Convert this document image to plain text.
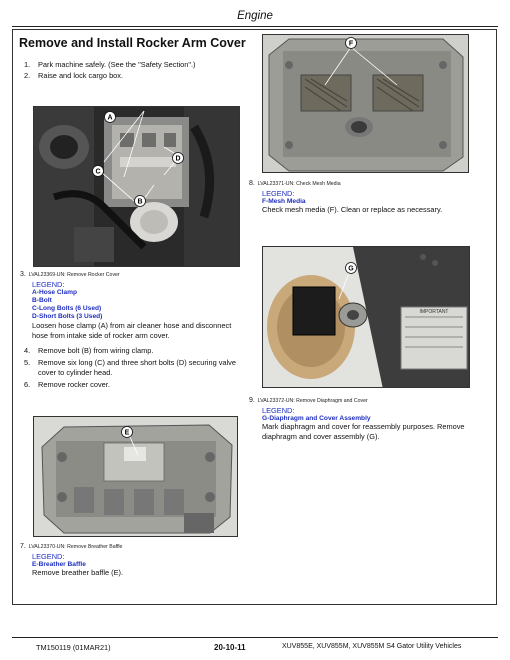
Engine
Remove and Install Rocker Arm Cover
1. Park machine safely. (See the "Safety Section".)
2. Raise and lock cargo box.
A
C
B
D
3. LVAL23369-UN: Remove Rocker Cover
LEGEND:
A-Hose Clamp
B-Bolt
C-Long Bolts (6 Used)
D-Short Bolts (3 Used)
Loosen hose clamp (A) from air cleaner hose and disconnect
hose from intake side of rocker arm cover.
4. Remove bolt (B) from wiring clamp.
5. Remove six long (C) and three short bolts (D) securing valve
cover to cylinder head.
6. Remove rocker cover.
E
7. LVAL23370-UN: Remove Breather Baffle
LEGEND:
E-Breather Baffle
Remove breather baffle (E).
F
8. LVAL23371-UN: Check Mesh Media
LEGEND:
F-Mesh Media
Check mesh media (F). Clean or replace as necessary.
IMPORTANT
G
9. LVAL23372-UN: Remove Diaphragm and Cover
LEGEND:
G-Diaphragm and Cover Assembly
Mark diaphragm and cover for reassembly purposes. Remove
diaphragm and cover assembly (G).
TM150119 (01MAR21)	20-10-11	XUV855E, XUV855M, XUV855M S4 Gator Utility Vehicles
